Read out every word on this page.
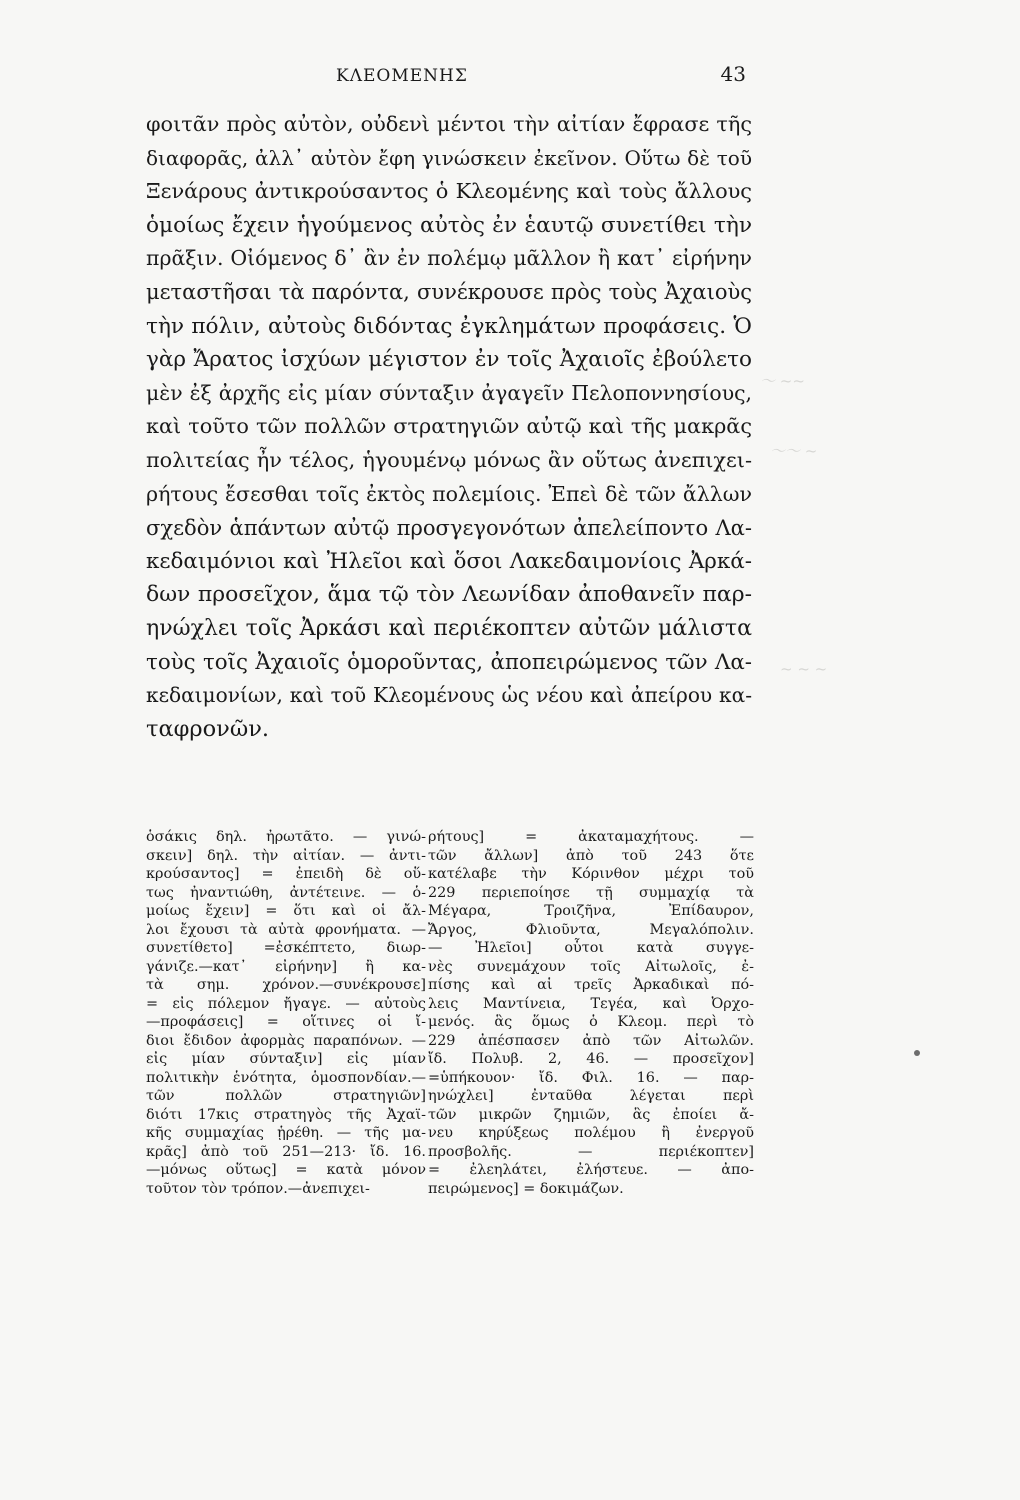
〜 ~~
〜〜 ~
~ ~ ~
ΚΛΕΟΜΕΝΗΣ	43
φοιτᾶν πρὸς αὐτὸν, οὐδενὶ μέντοι τὴν αἰτίαν ἔφρασε τῆς
διαφορᾶς, ἀλλ᾽ αὐτὸν ἔφη γινώσκειν ἐκεῖνον. Οὕτω δὲ τοῦ
Ξενάρους ἀντικρούσαντος ὁ Κλεομένης καὶ τοὺς ἄλλους
ὁμοίως ἔχειν ἡγούμενος αὐτὸς ἐν ἑαυτῷ συνετίθει τὴν
πρᾶξιν. Οἰόμενος δ᾽ ἂν ἐν πολέμῳ μᾶλλον ἢ κατ᾽ εἰρήνην
μεταστῆσαι τὰ παρόντα, συνέκρουσε πρὸς τοὺς Ἀχαιοὺς
τὴν πόλιν, αὐτοὺς διδόντας ἐγκλημάτων προφάσεις. Ὁ
γὰρ Ἄρατος ἰσχύων μέγιστον ἐν τοῖς Ἀχαιοῖς ἐβούλετο
μὲν ἐξ ἀρχῆς εἰς μίαν σύνταξιν ἀγαγεῖν Πελοποννησίους,
καὶ τοῦτο τῶν πολλῶν στρατηγιῶν αὐτῷ καὶ τῆς μακρᾶς
πολιτείας ἦν τέλος, ἡγουμένῳ μόνως ἂν οὕτως ἀνεπιχει-
ρήτους ἔσεσθαι τοῖς ἐκτὸς πολεμίοις. Ἐπεὶ δὲ τῶν ἄλλων
σχεδὸν ἁπάντων αὐτῷ προσγεγονότων ἀπελείποντο Λα-
κεδαιμόνιοι καὶ Ἠλεῖοι καὶ ὅσοι Λακεδαιμονίοις Ἀρκά-
δων προσεῖχον, ἅμα τῷ τὸν Λεωνίδαν ἀποθανεῖν παρ-
ηνώχλει τοῖς Ἀρκάσι καὶ περιέκοπτεν αὐτῶν μάλιστα
τοὺς τοῖς Ἀχαιοῖς ὁμοροῦντας, ἀποπειρώμενος τῶν Λα-
κεδαιμονίων, καὶ τοῦ Κλεομένους ὡς νέου καὶ ἀπείρου κα-
ταφρονῶν.
ὁσάκις δηλ. ἠρωτᾶτο. — γινώ-
σκειν] δηλ. τὴν αἰτίαν. — ἀντι-
κρούσαντος] = ἐπειδὴ δὲ οὕ-
τως ἠναντιώθη, ἀντέτεινε. — ὁ-
μοίως ἔχειν] = ὅτι καὶ οἱ ἄλ-
λοι ἔχουσι τὰ αὐτὰ φρονήματα. —
συνετίθετο] =ἐσκέπτετο, διωρ-
γάνιζε.—κατ᾽ εἰρήνην] ἢ κα-
τὰ σημ. χρόνον.—συνέκρουσε]
= εἰς πόλεμον ἤγαγε. — αὐτοὺς
—προφάσεις] = οἵτινες οἱ ἴ-
διοι ἔδιδον ἀφορμὰς παραπόνων. —
εἰς μίαν σύνταξιν] εἰς μίαν
πολιτικὴν ἑνότητα, ὁμοσπονδίαν.—
τῶν πολλῶν στρατηγιῶν]
διότι 17κις στρατηγὸς τῆς Ἀχαϊ-
κῆς συμμαχίας ᾑρέθη. — τῆς μα-
κρᾶς] ἀπὸ τοῦ 251—213· ἴδ. 16.
—μόνως οὕτως] = κατὰ μόνον
τοῦτον τὸν τρόπον.—ἀνεπιχει-
ρήτους] = ἀκαταμαχήτους. —
τῶν ἄλλων] ἀπὸ τοῦ 243 ὅτε
κατέλαβε τὴν Κόρινθον μέχρι τοῦ
229 περιεποίησε τῇ συμμαχίᾳ τὰ
Μέγαρα, Τροιζῆνα, Ἐπίδαυρον,
Ἄργος, Φλιοῦντα, Μεγαλόπολιν.
— Ἠλεῖοι] οὗτοι κατὰ συγγε-
νὲς συνεμάχουν τοῖς Αἰτωλοῖς, ἐ-
πίσης καὶ αἱ τρεῖς Ἀρκαδικαὶ πό-
λεις Μαντίνεια, Τεγέα, καὶ Ὀρχο-
μενός. ἃς ὅμως ὁ Κλεομ. περὶ τὸ
229 ἀπέσπασεν ἀπὸ τῶν Αἰτωλῶν.
ἴδ. Πολυβ. 2, 46. — προσεῖχον]
=ὑπήκουον· ἴδ. Φιλ. 16. — παρ-
ηνώχλει] ἐνταῦθα λέγεται περὶ
τῶν μικρῶν ζημιῶν, ἃς ἐποίει ἄ-
νευ κηρύξεως πολέμου ἢ ἐνεργοῦ
προσβολῆς. — περιέκοπτεν]
= ἐλεηλάτει, ἐλήστευε. — ἀπο-
πειρώμενος] = δοκιμάζων.
